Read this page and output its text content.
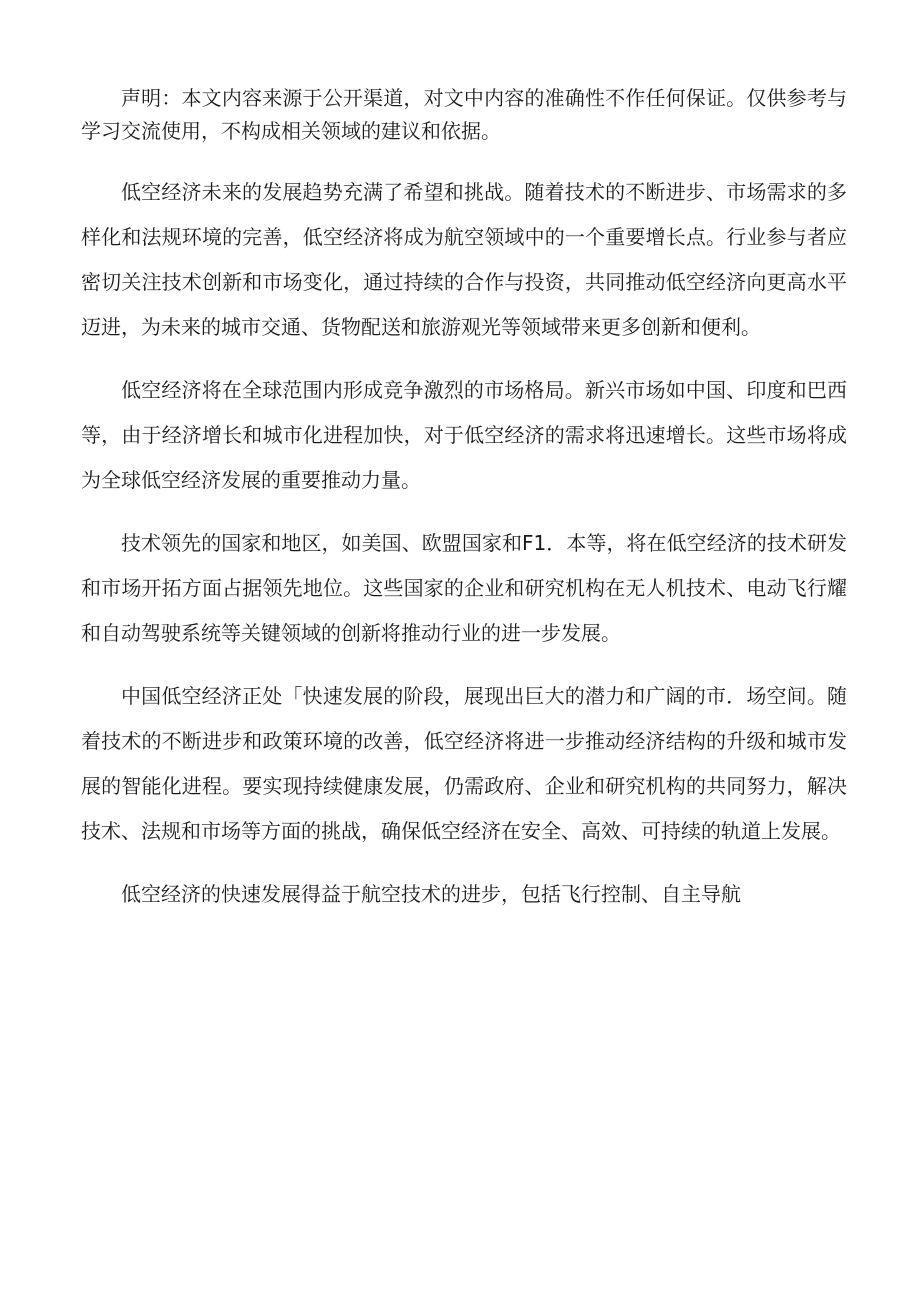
声明：本文内容来源于公开渠道，对文中内容的准确性不作任何保证。仅供参考与学习交流使用，不构成相关领域的建议和依据。

低空经济未来的发展趋势充满了希望和挑战。随着技术的不断进步、市场需求的多样化和法规环境的完善，低空经济将成为航空领域中的一个重要增长点。行业参与者应密切关注技术创新和市场变化，通过持续的合作与投资，共同推动低空经济向更高水平迈进，为未来的城市交通、货物配送和旅游观光等领域带来更多创新和便利。

低空经济将在全球范围内形成竞争激烈的市场格局。新兴市场如中国、印度和巴西等，由于经济增长和城市化进程加快，对于低空经济的需求将迅速增长。这些市场将成为全球低空经济发展的重要推动力量。

技术领先的国家和地区，如美国、欧盟国家和F1．本等，将在低空经济的技术研发和市场开拓方面占据领先地位。这些国家的企业和研究机构在无人机技术、电动飞行耀和自动驾驶系统等关键领域的创新将推动行业的进一步发展。

中国低空经济正处「快速发展的阶段，展现出巨大的潜力和广阔的市．场空间。随着技术的不断进步和政策环境的改善，低空经济将进一步推动经济结构的升级和城市发展的智能化进程。要实现持续健康发展，仍需政府、企业和研究机构的共同努力，解决技术、法规和市场等方面的挑战，确保低空经济在安全、高效、可持续的轨道上发展。

低空经济的快速发展得益于航空技术的进步，包括飞行控制、自主导航
